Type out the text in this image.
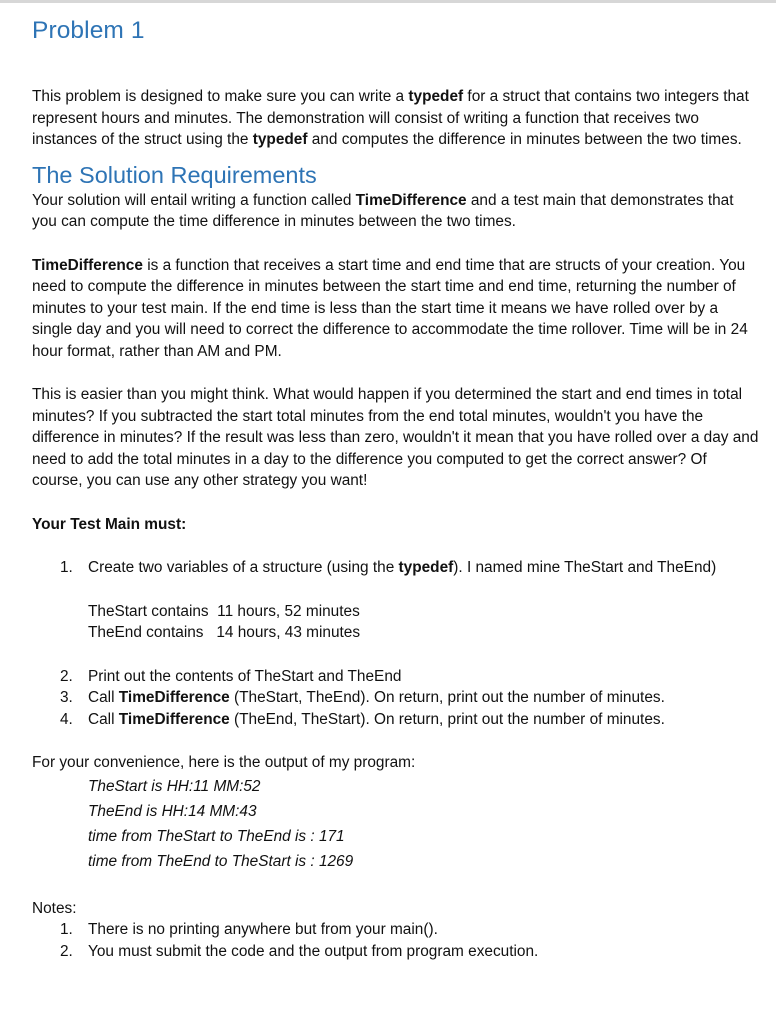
Problem 1

This problem is designed to make sure you can write a typedef for a struct that contains two integers that represent hours and minutes. The demonstration will consist of writing a function that receives two instances of the struct using the typedef and computes the difference in minutes between the two times.

The Solution Requirements

Your solution will entail writing a function called TimeDifference and a test main that demonstrates that you can compute the time difference in minutes between the two times.

TimeDifference is a function that receives a start time and end time that are structs of your creation. You need to compute the difference in minutes between the start time and end time, returning the number of minutes to your test main. If the end time is less than the start time it means we have rolled over by a single day and you will need to correct the difference to accommodate the time rollover. Time will be in 24 hour format, rather than AM and PM.

This is easier than you might think. What would happen if you determined the start and end times in total minutes? If you subtracted the start total minutes from the end total minutes, wouldn't you have the difference in minutes? If the result was less than zero, wouldn't it mean that you have rolled over a day and need to add the total minutes in a day to the difference you computed to get the correct answer? Of course, you can use any other strategy you want!

Your Test Main must:

1. Create two variables of a structure (using the typedef). I named mine TheStart and TheEnd)
TheStart contains  11 hours, 52 minutes
TheEnd contains   14 hours, 43 minutes
2. Print out the contents of TheStart and TheEnd
3. Call TimeDifference (TheStart, TheEnd). On return, print out the number of minutes.
4. Call TimeDifference (TheEnd, TheStart). On return, print out the number of minutes.

For your convenience, here is the output of my program:

TheStart is HH:11 MM:52
TheEnd is HH:14 MM:43
time from TheStart to TheEnd is : 171
time from TheEnd to TheStart is : 1269

Notes:

1. There is no printing anywhere but from your main().
2. You must submit the code and the output from program execution.
